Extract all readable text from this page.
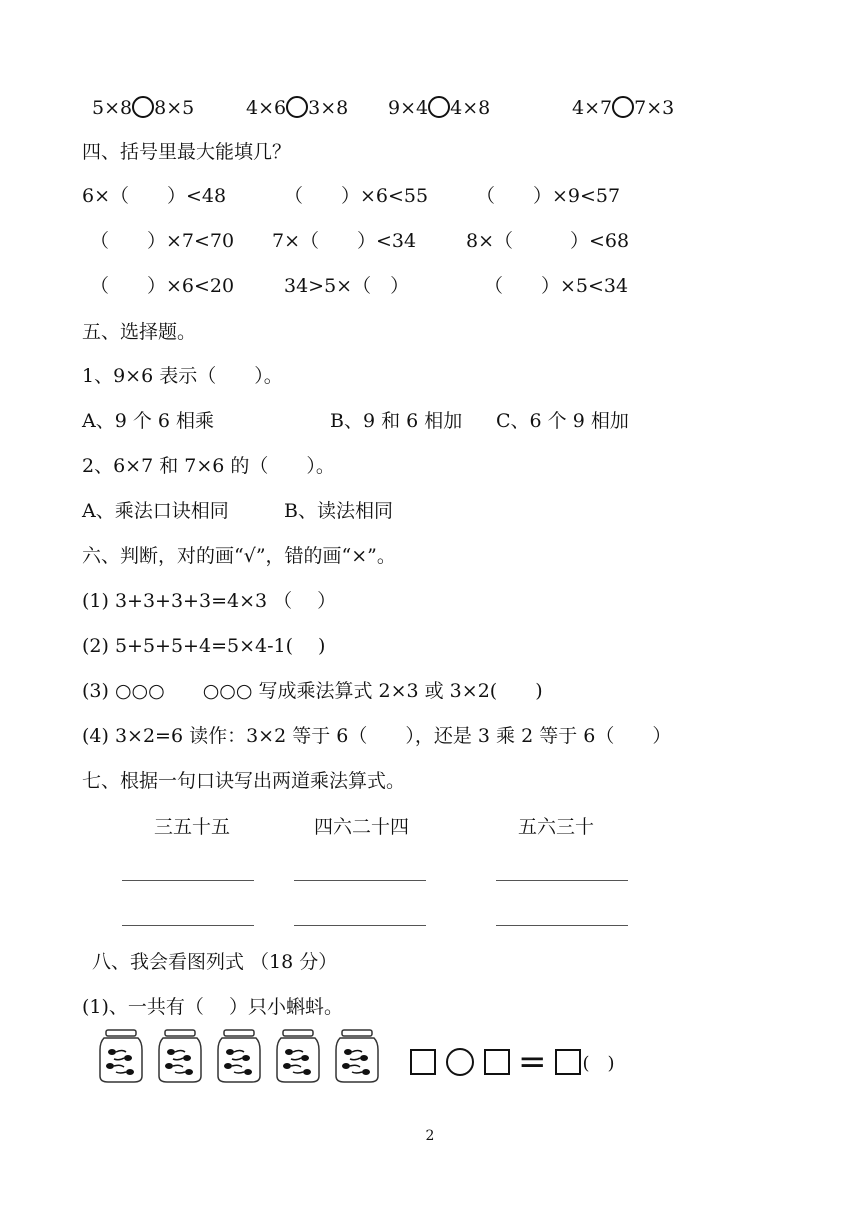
5×8 8×5	4×6 3×8 9×4 4×8	4×7 7×3
四、括号里最大能填几？
6×（　　）<48	（　　）×6<55	（　　）×9<57
（　　）×7<70 7×（　　）<34	8×（　　　）<68
（　　）×6<20	34>5×（　）	（　　）×5<34
五、选择题。
1、9×6 表示（　　）。
A、9 个 6 相乘	B、9 和 6 相加 C、6 个 9 相加
2、6×7 和 7×6 的（　　）。
A、乘法口诀相同	B、读法相同
六、判断，对的画“√”，错的画“×”。
(1) 3+3+3+3=4×3 （　 ）
(2) 5+5+5+4=5×4-1(　 )
(3) ○○○　　○○○ 写成乘法算式 2×3 或 3×2(　　)
(4) 3×2=6 读作：3×2 等于 6（　　），还是 3 乘 2 等于 6（　　）
七、根据一句口诀写出两道乘法算式。
三五十五	四六二十四	五六三十
八、我会看图列式 （18 分）
(1)、一共有（　 ）只小蝌蚪。
= (　)
2
